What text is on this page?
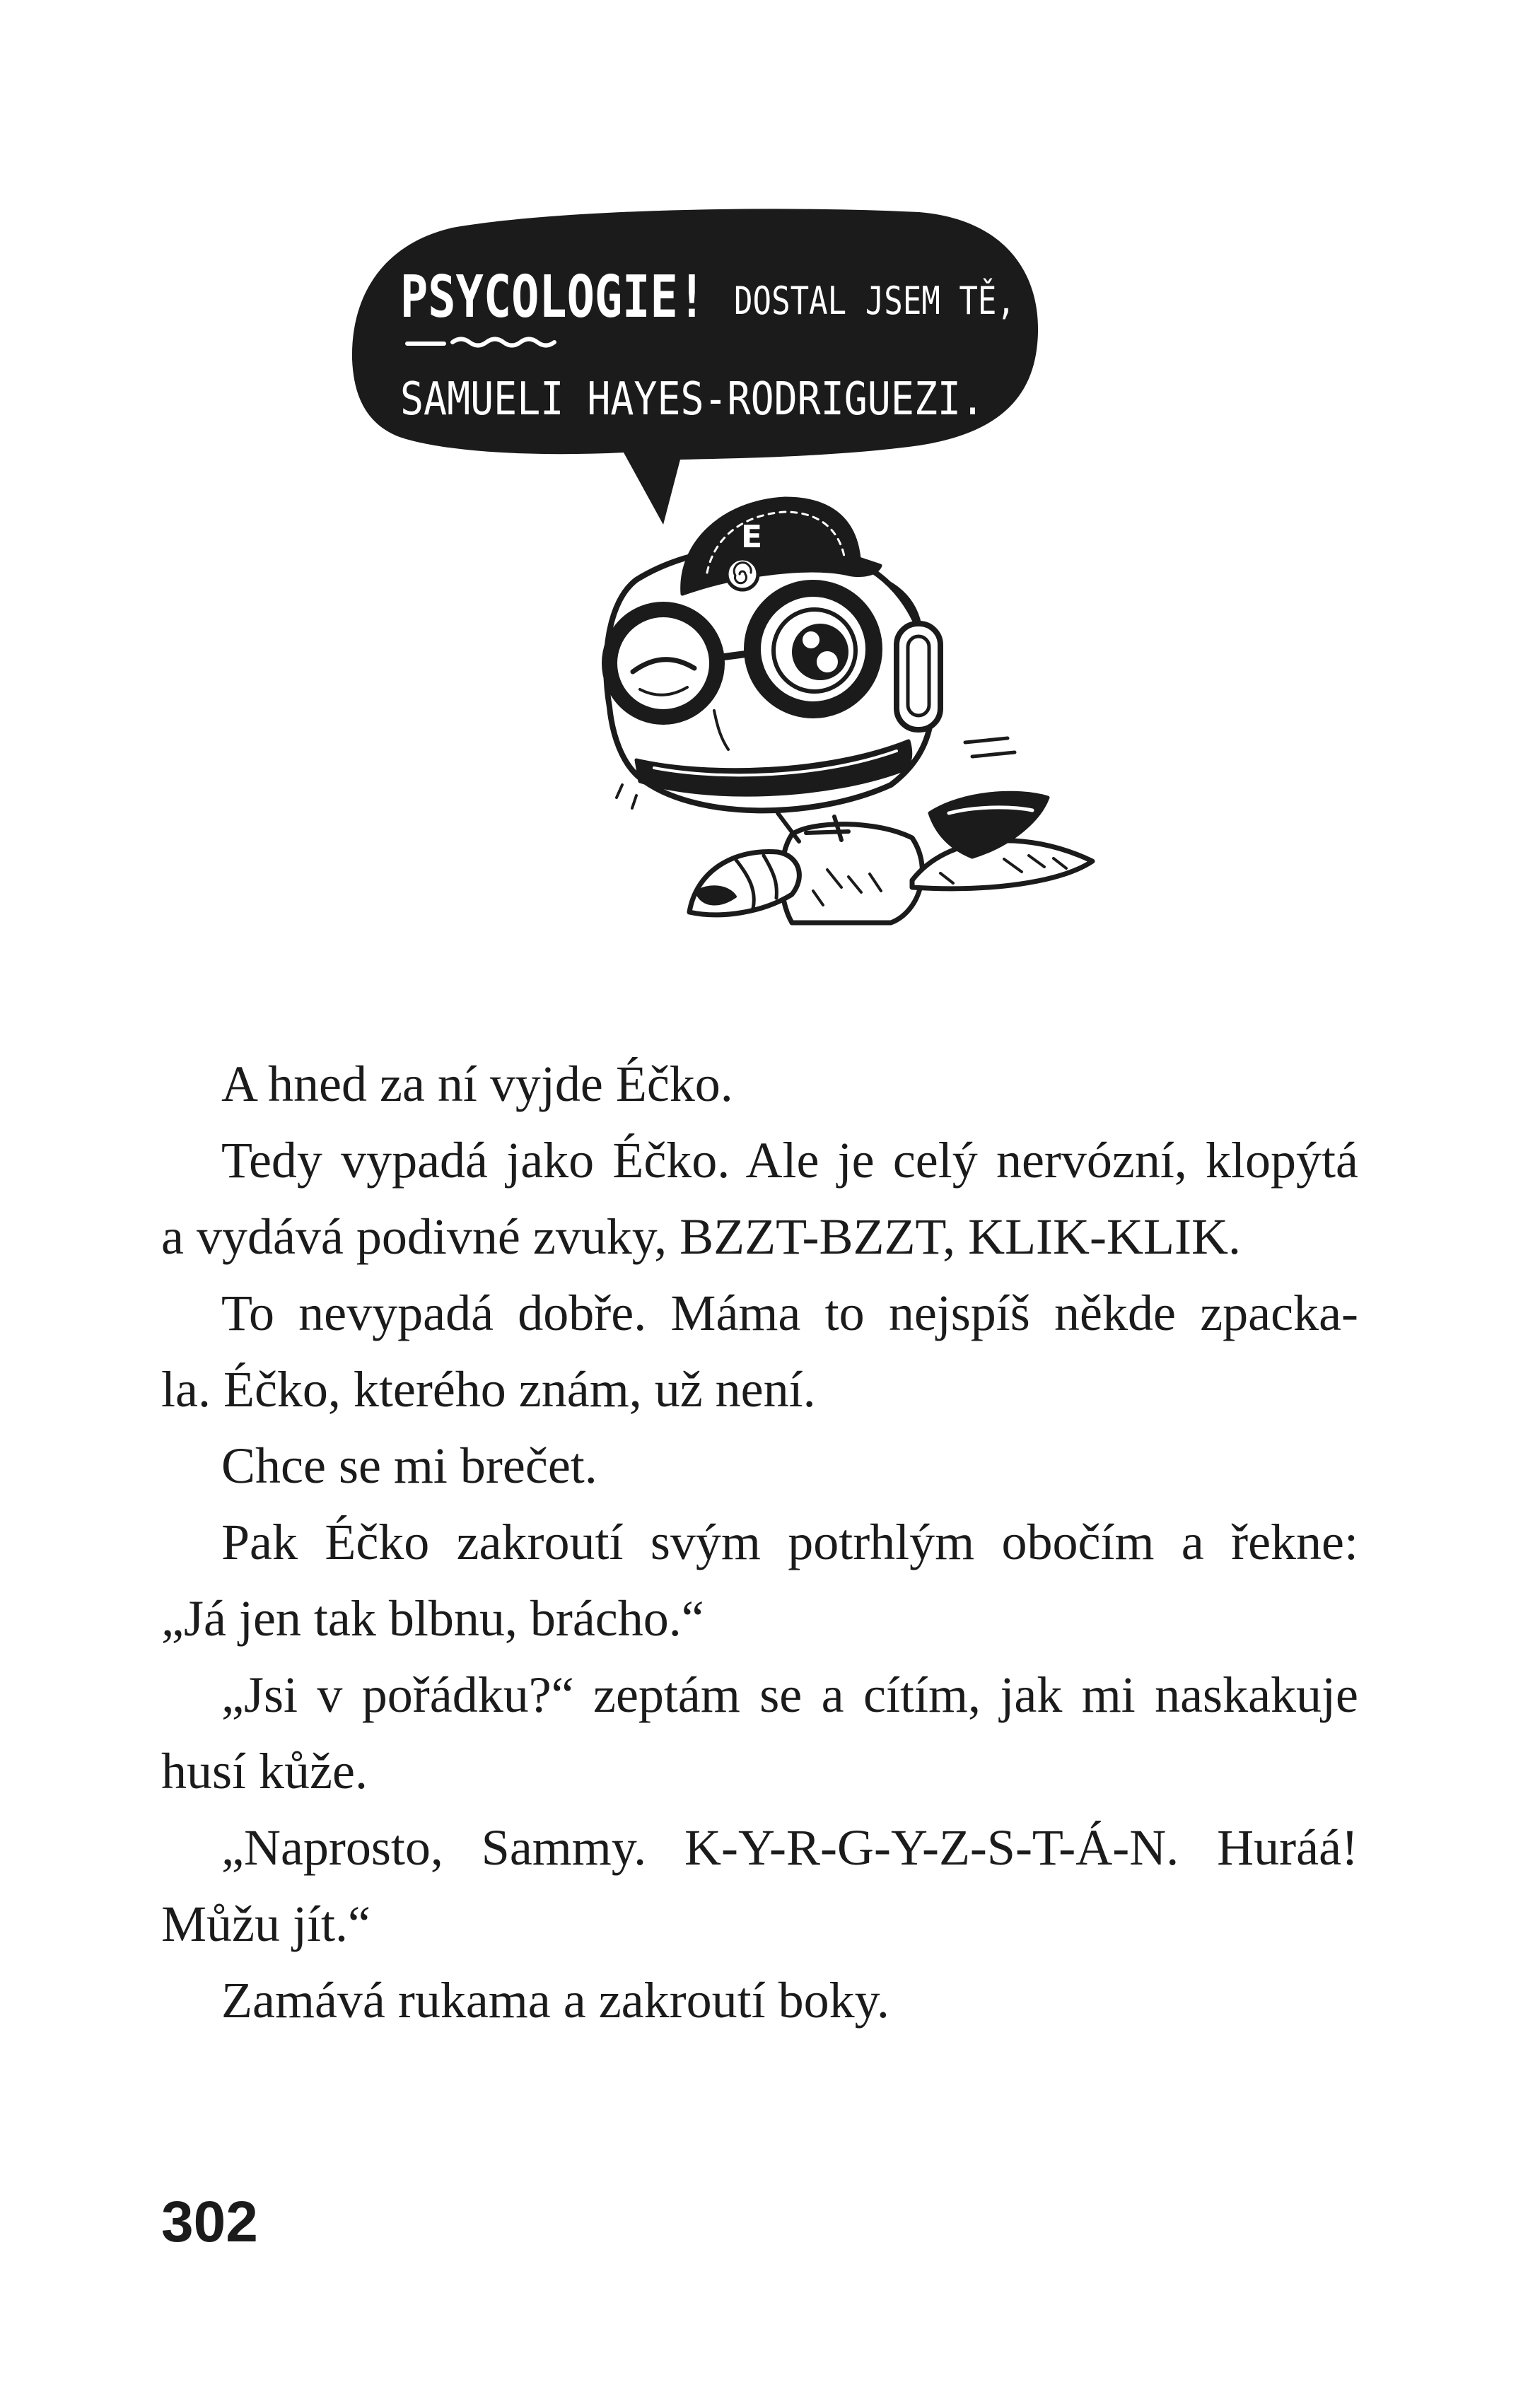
PSYCOLOGIE! DOSTAL JSEM TĚ,
SAMUELI HAYES-RODRIGUEZI.
E
A hned za ní vyjde Éčko.
Tedy vypadá jako Éčko. Ale je celý nervózní, klopýtá
a vydává podivné zvuky, BZZT-BZZT, KLIK-KLIK.
To nevypadá dobře. Máma to nejspíš někde zpacka-
la. Éčko, kterého znám, už není.
Chce se mi brečet.
Pak Éčko zakroutí svým potrhlým obočím a řekne:
„Já jen tak blbnu, brácho.“
„Jsi v pořádku?“ zeptám se a cítím, jak mi naskakuje
husí kůže.
„Naprosto, Sammy. K-Y-R-G-Y-Z-S-T-Á-N. Huráá!
Můžu jít.“
Zamává rukama a zakroutí boky.
302
